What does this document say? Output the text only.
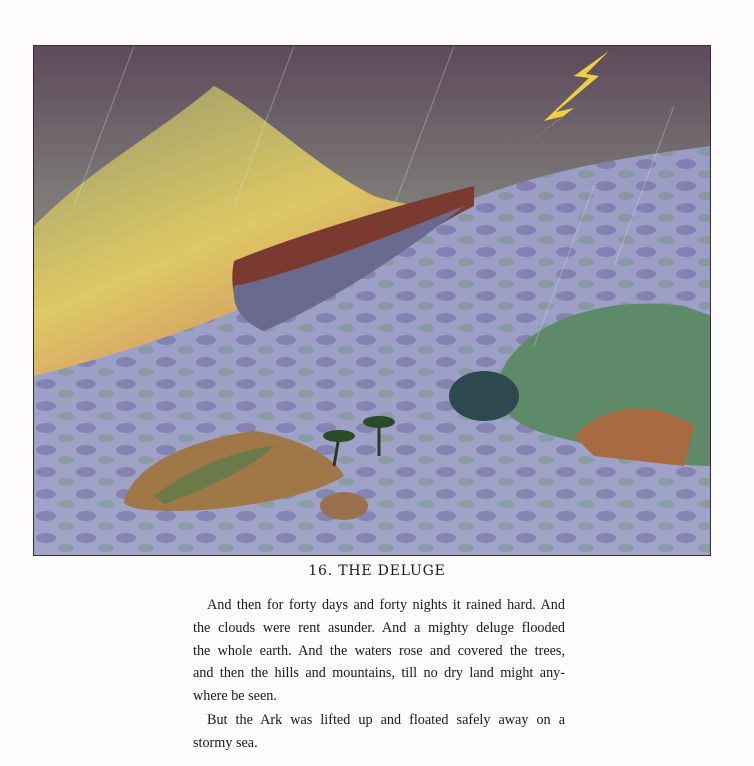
16. THE DELUGE
And then for forty days and forty nights it rained hard. And
the clouds were rent asunder. And a mighty deluge flooded
the whole earth. And the waters rose and covered the trees,
and then the hills and mountains, till no dry land might any-
where be seen.
But the Ark was lifted up and floated safely away on a
stormy sea.
